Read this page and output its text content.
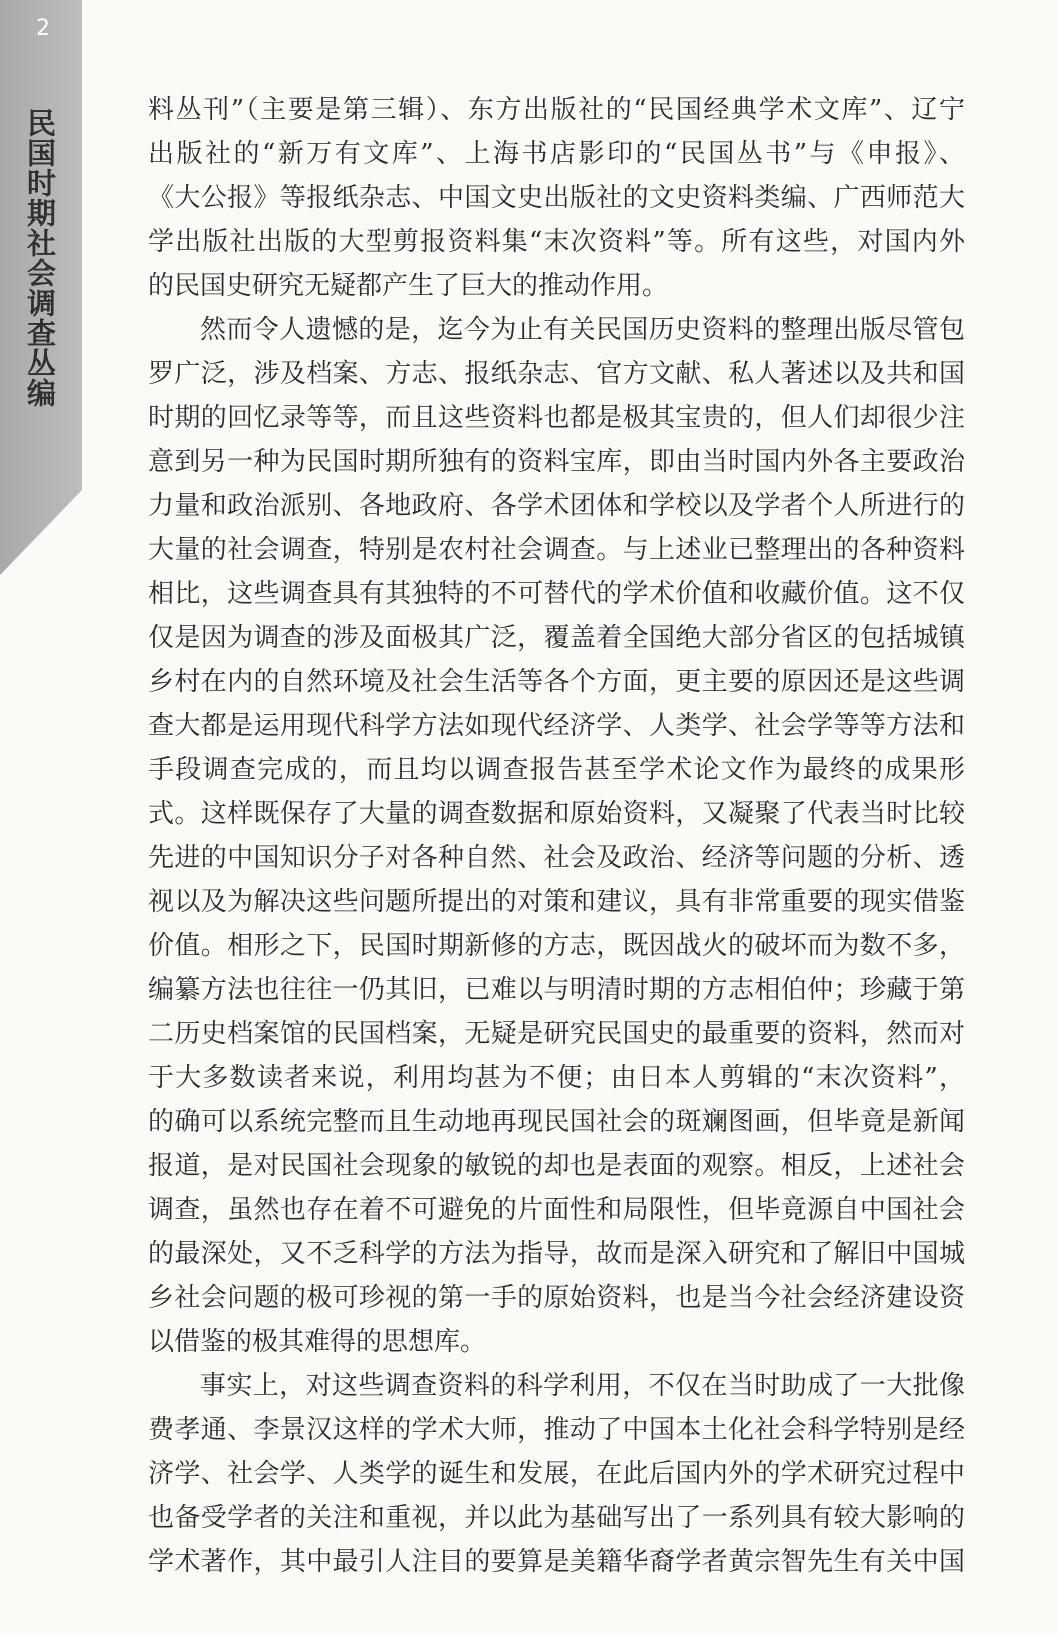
2
民国时期社会调查丛编	料丛刊”（主要是第三辑）、东方出版社的“民国经典学术文库”、辽宁
出版社的“新万有文库”、上海书店影印的“民国丛书”与《申报》、
《大公报》等报纸杂志、中国文史出版社的文史资料类编、广西师范大
学出版社出版的大型剪报资料集“末次资料”等。所有这些，对国内外
的民国史研究无疑都产生了巨大的推动作用。
然而令人遗憾的是，迄今为止有关民国历史资料的整理出版尽管包
罗广泛，涉及档案、方志、报纸杂志、官方文献、私人著述以及共和国
时期的回忆录等等，而且这些资料也都是极其宝贵的，但人们却很少注
意到另一种为民国时期所独有的资料宝库，即由当时国内外各主要政治
力量和政治派别、各地政府、各学术团体和学校以及学者个人所进行的
大量的社会调查，特别是农村社会调查。与上述业已整理出的各种资料
相比，这些调查具有其独特的不可替代的学术价值和收藏价值。这不仅
仅是因为调查的涉及面极其广泛，覆盖着全国绝大部分省区的包括城镇
乡村在内的自然环境及社会生活等各个方面，更主要的原因还是这些调
查大都是运用现代科学方法如现代经济学、人类学、社会学等等方法和
手段调查完成的，而且均以调查报告甚至学术论文作为最终的成果形
式。这样既保存了大量的调查数据和原始资料，又凝聚了代表当时比较
先进的中国知识分子对各种自然、社会及政治、经济等问题的分析、透
视以及为解决这些问题所提出的对策和建议，具有非常重要的现实借鉴
价值。相形之下，民国时期新修的方志，既因战火的破坏而为数不多，
编纂方法也往往一仍其旧，已难以与明清时期的方志相伯仲；珍藏于第
二历史档案馆的民国档案，无疑是研究民国史的最重要的资料，然而对
于大多数读者来说，利用均甚为不便；由日本人剪辑的“末次资料”，
的确可以系统完整而且生动地再现民国社会的斑斓图画，但毕竟是新闻
报道，是对民国社会现象的敏锐的却也是表面的观察。相反，上述社会
调查，虽然也存在着不可避免的片面性和局限性，但毕竟源自中国社会
的最深处，又不乏科学的方法为指导，故而是深入研究和了解旧中国城
乡社会问题的极可珍视的第一手的原始资料，也是当今社会经济建设资
以借鉴的极其难得的思想库。
事实上，对这些调查资料的科学利用，不仅在当时助成了一大批像
费孝通、李景汉这样的学术大师，推动了中国本土化社会科学特别是经
济学、社会学、人类学的诞生和发展，在此后国内外的学术研究过程中
也备受学者的关注和重视，并以此为基础写出了一系列具有较大影响的
学术著作，其中最引人注目的要算是美籍华裔学者黄宗智先生有关中国
